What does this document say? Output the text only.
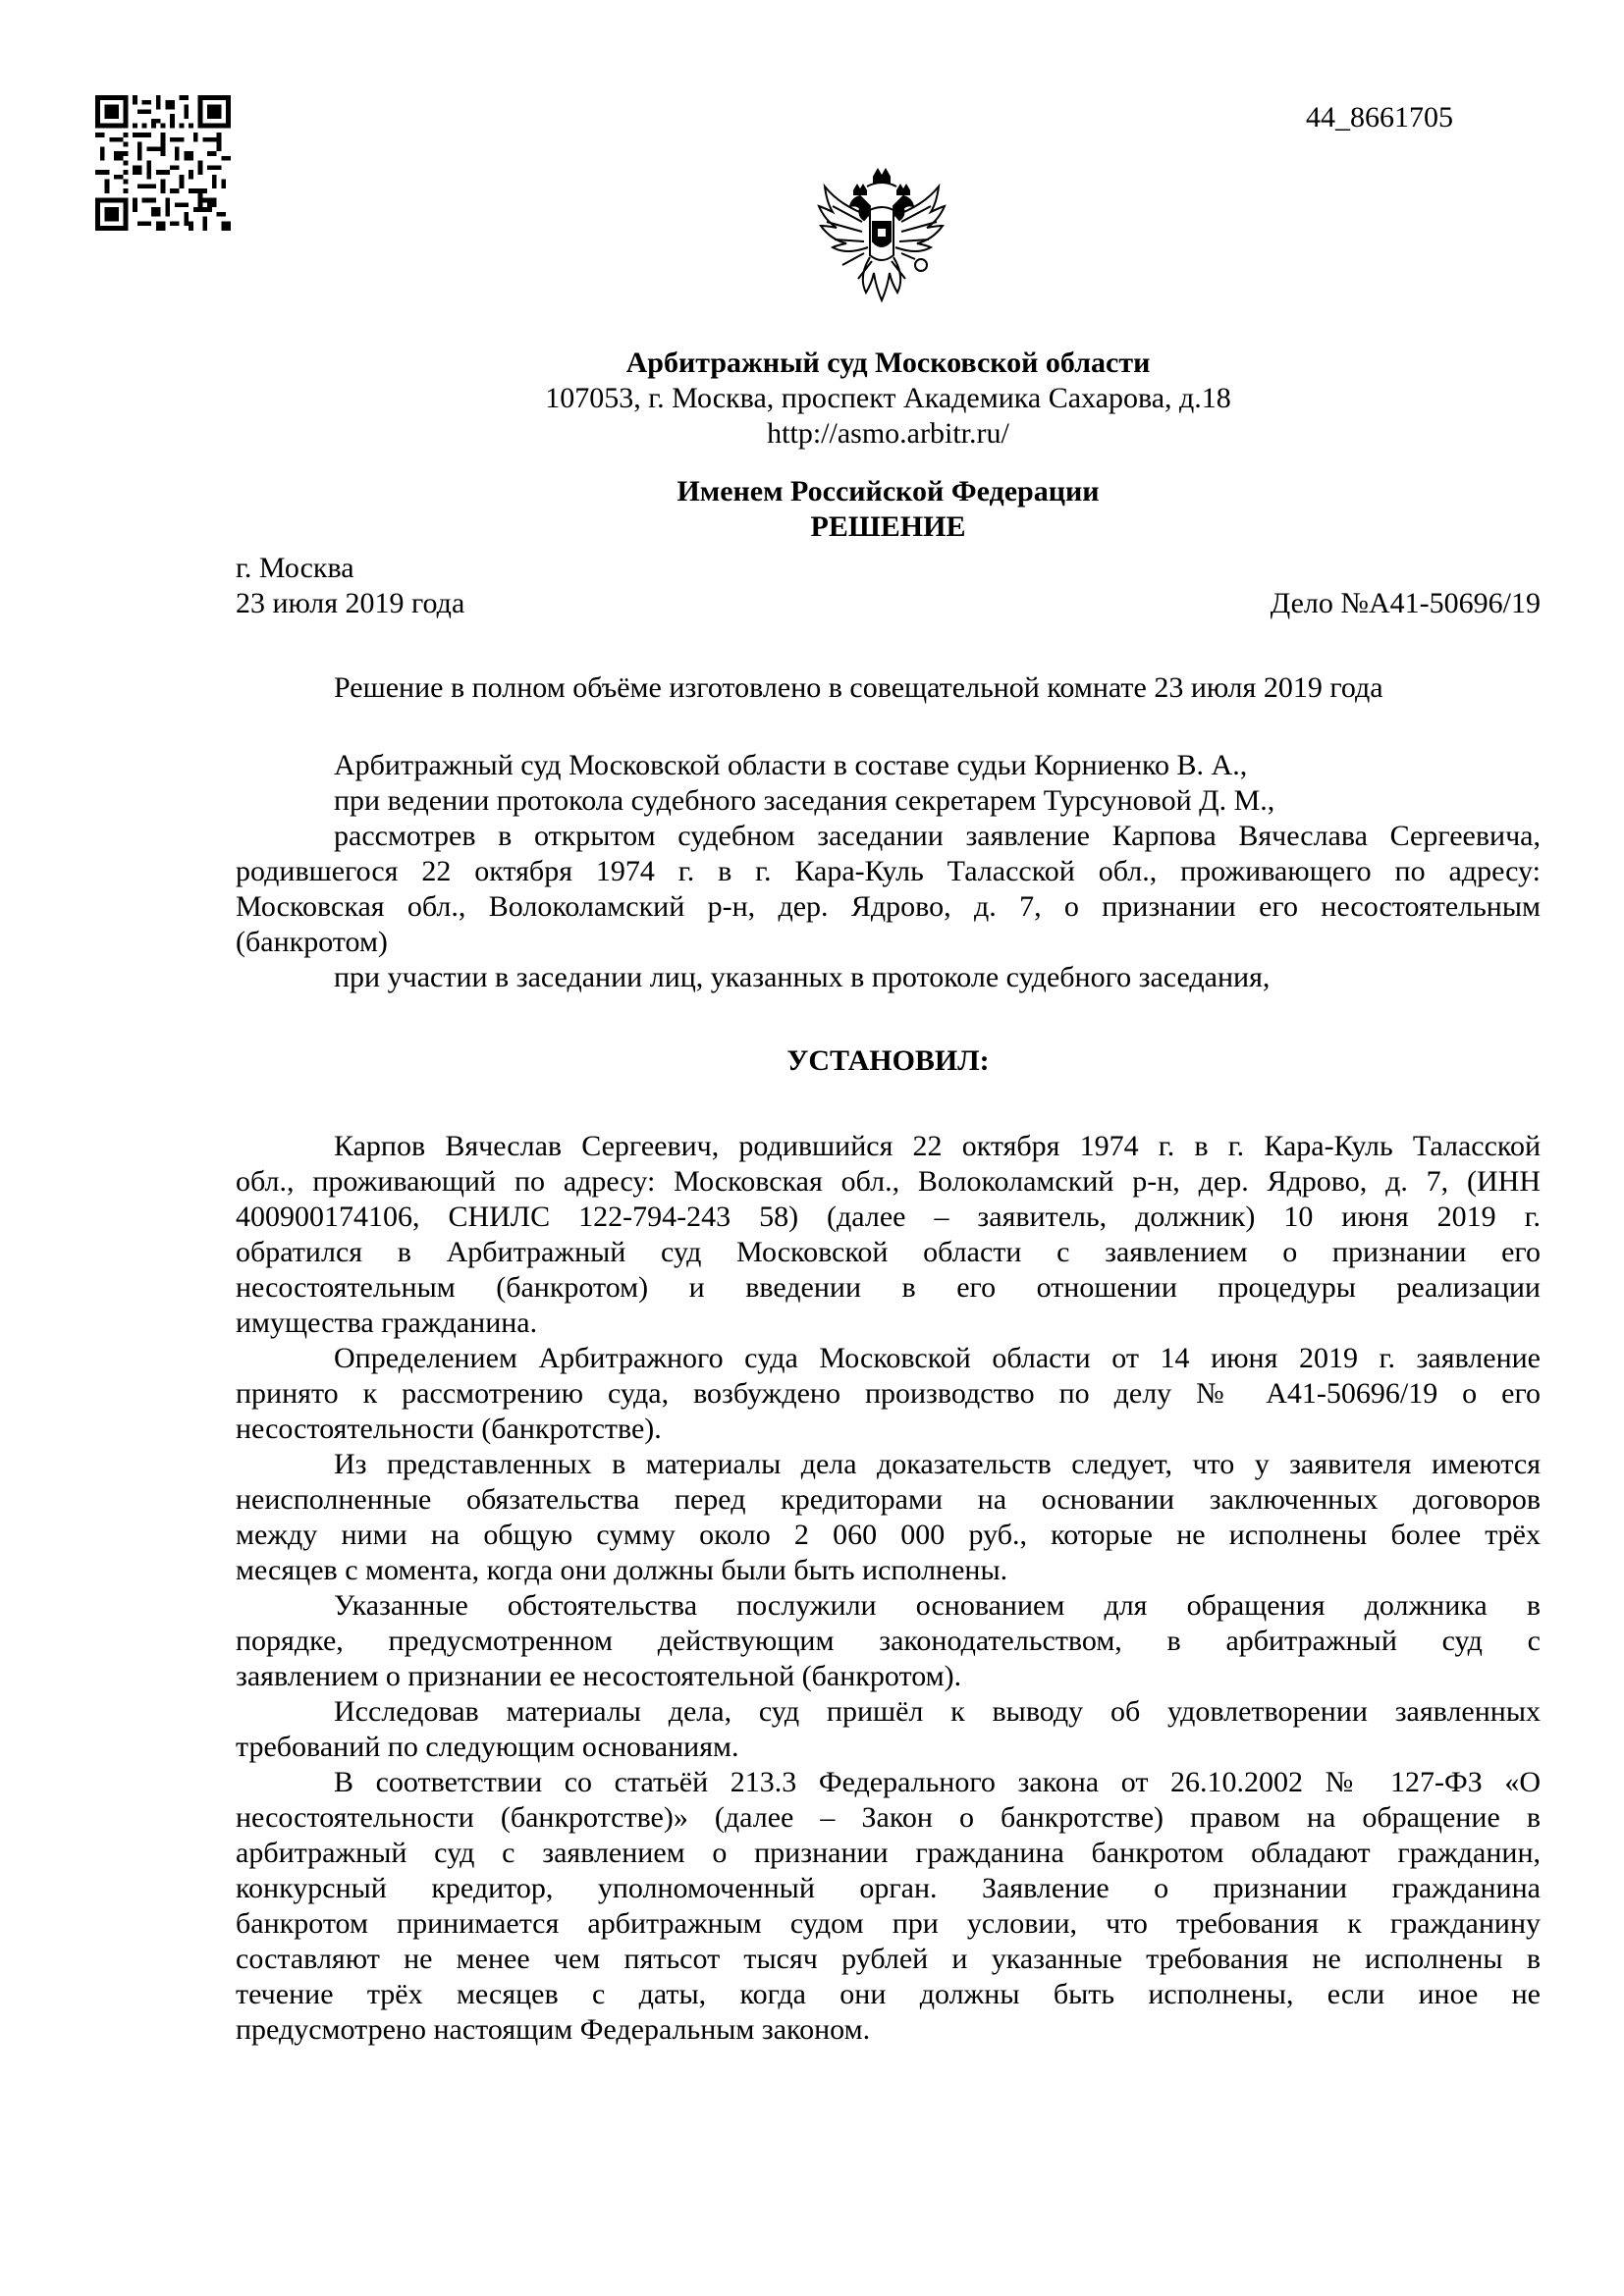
44_8661705
Арбитражный суд Московской области
107053, г. Москва, проспект Академика Сахарова, д.18
http://asmo.arbitr.ru/
Именем Российской Федерации
РЕШЕНИЕ
г. Москва
23 июля 2019 года	Дело №А41-50696/19
Решение в полном объёме изготовлено в совещательной комнате 23 июля 2019 года
Арбитражный суд Московской области в составе судьи Корниенко В. А.,
при ведении протокола судебного заседания секретарем Турсуновой Д. М.,
рассмотрев в открытом судебном заседании заявление Карпова Вячеслава Сергеевича,
родившегося 22 октября 1974 г. в г. Кара-Куль Таласской обл., проживающего по адресу:
Московская обл., Волоколамский р-н, дер. Ядрово, д. 7, о признании его несостоятельным
(банкротом)
при участии в заседании лиц, указанных в протоколе судебного заседания,
УСТАНОВИЛ:
Карпов Вячеслав Сергеевич, родившийся 22 октября 1974 г. в г. Кара-Куль Таласской
обл., проживающий по адресу: Московская обл., Волоколамский р-н, дер. Ядрово, д. 7, (ИНН
400900174106, СНИЛС 122-794-243 58) (далее – заявитель, должник) 10 июня 2019 г.
обратился в Арбитражный суд Московской области с заявлением о признании его
несостоятельным (банкротом) и введении в его отношении процедуры реализации
имущества гражданина.
Определением Арбитражного суда Московской области от 14 июня 2019 г. заявление
принято к рассмотрению суда, возбуждено производство по делу № А41-50696/19 о его
несостоятельности (банкротстве).
Из представленных в материалы дела доказательств следует, что у заявителя имеются
неисполненные обязательства перед кредиторами на основании заключенных договоров
между ними на общую сумму около 2 060 000 руб., которые не исполнены более трёх
месяцев с момента, когда они должны были быть исполнены.
Указанные обстоятельства послужили основанием для обращения должника в
порядке, предусмотренном действующим законодательством, в арбитражный суд с
заявлением о признании ее несостоятельной (банкротом).
Исследовав материалы дела, суд пришёл к выводу об удовлетворении заявленных
требований по следующим основаниям.
В соответствии со статьёй 213.3 Федерального закона от 26.10.2002 № 127-ФЗ «О
несостоятельности (банкротстве)» (далее – Закон о банкротстве) правом на обращение в
арбитражный суд с заявлением о признании гражданина банкротом обладают гражданин,
конкурсный кредитор, уполномоченный орган. Заявление о признании гражданина
банкротом принимается арбитражным судом при условии, что требования к гражданину
составляют не менее чем пятьсот тысяч рублей и указанные требования не исполнены в
течение трёх месяцев с даты, когда они должны быть исполнены, если иное не
предусмотрено настоящим Федеральным законом.
